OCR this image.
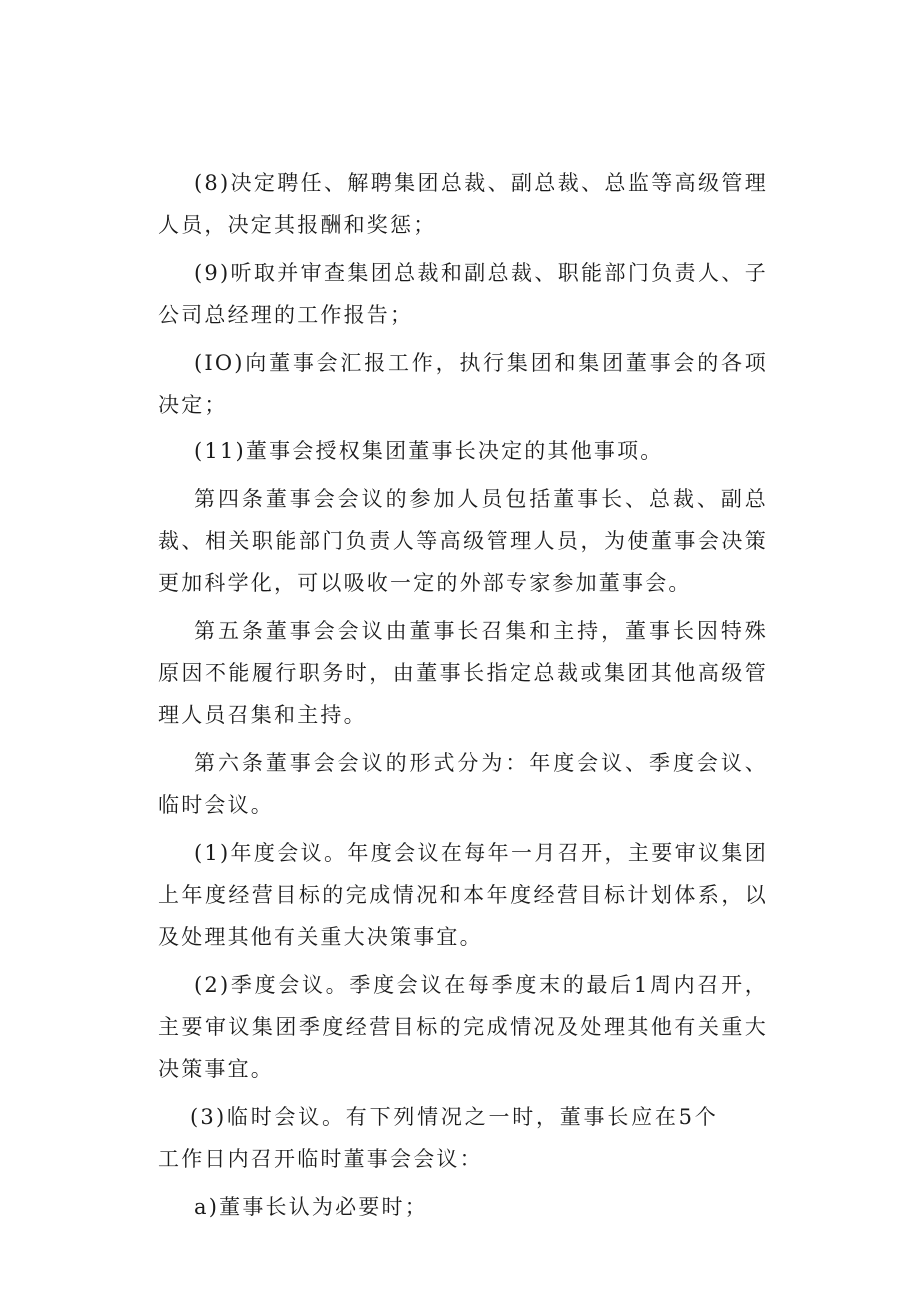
(8)决定聘任、解聘集团总裁、副总裁、总监等高级管理人员，决定其报酬和奖惩；

(9)听取并审查集团总裁和副总裁、职能部门负责人、子公司总经理的工作报告；

(IO)向董事会汇报工作，执行集团和集团董事会的各项决定；

(11)董事会授权集团董事长决定的其他事项。

第四条董事会会议的参加人员包括董事长、总裁、副总裁、相关职能部门负责人等高级管理人员，为使董事会决策更加科学化，可以吸收一定的外部专家参加董事会。

第五条董事会会议由董事长召集和主持，董事长因特殊原因不能履行职务时，由董事长指定总裁或集团其他高级管理人员召集和主持。

第六条董事会会议的形式分为：年度会议、季度会议、临时会议。

(1)年度会议。年度会议在每年一月召开，主要审议集团上年度经营目标的完成情况和本年度经营目标计划体系，以及处理其他有关重大决策事宜。

(2)季度会议。季度会议在每季度末的最后1周内召开，主要审议集团季度经营目标的完成情况及处理其他有关重大决策事宜。

(3)临时会议。有下列情况之一时，董事长应在5个工作日内召开临时董事会会议：

a)董事长认为必要时；
